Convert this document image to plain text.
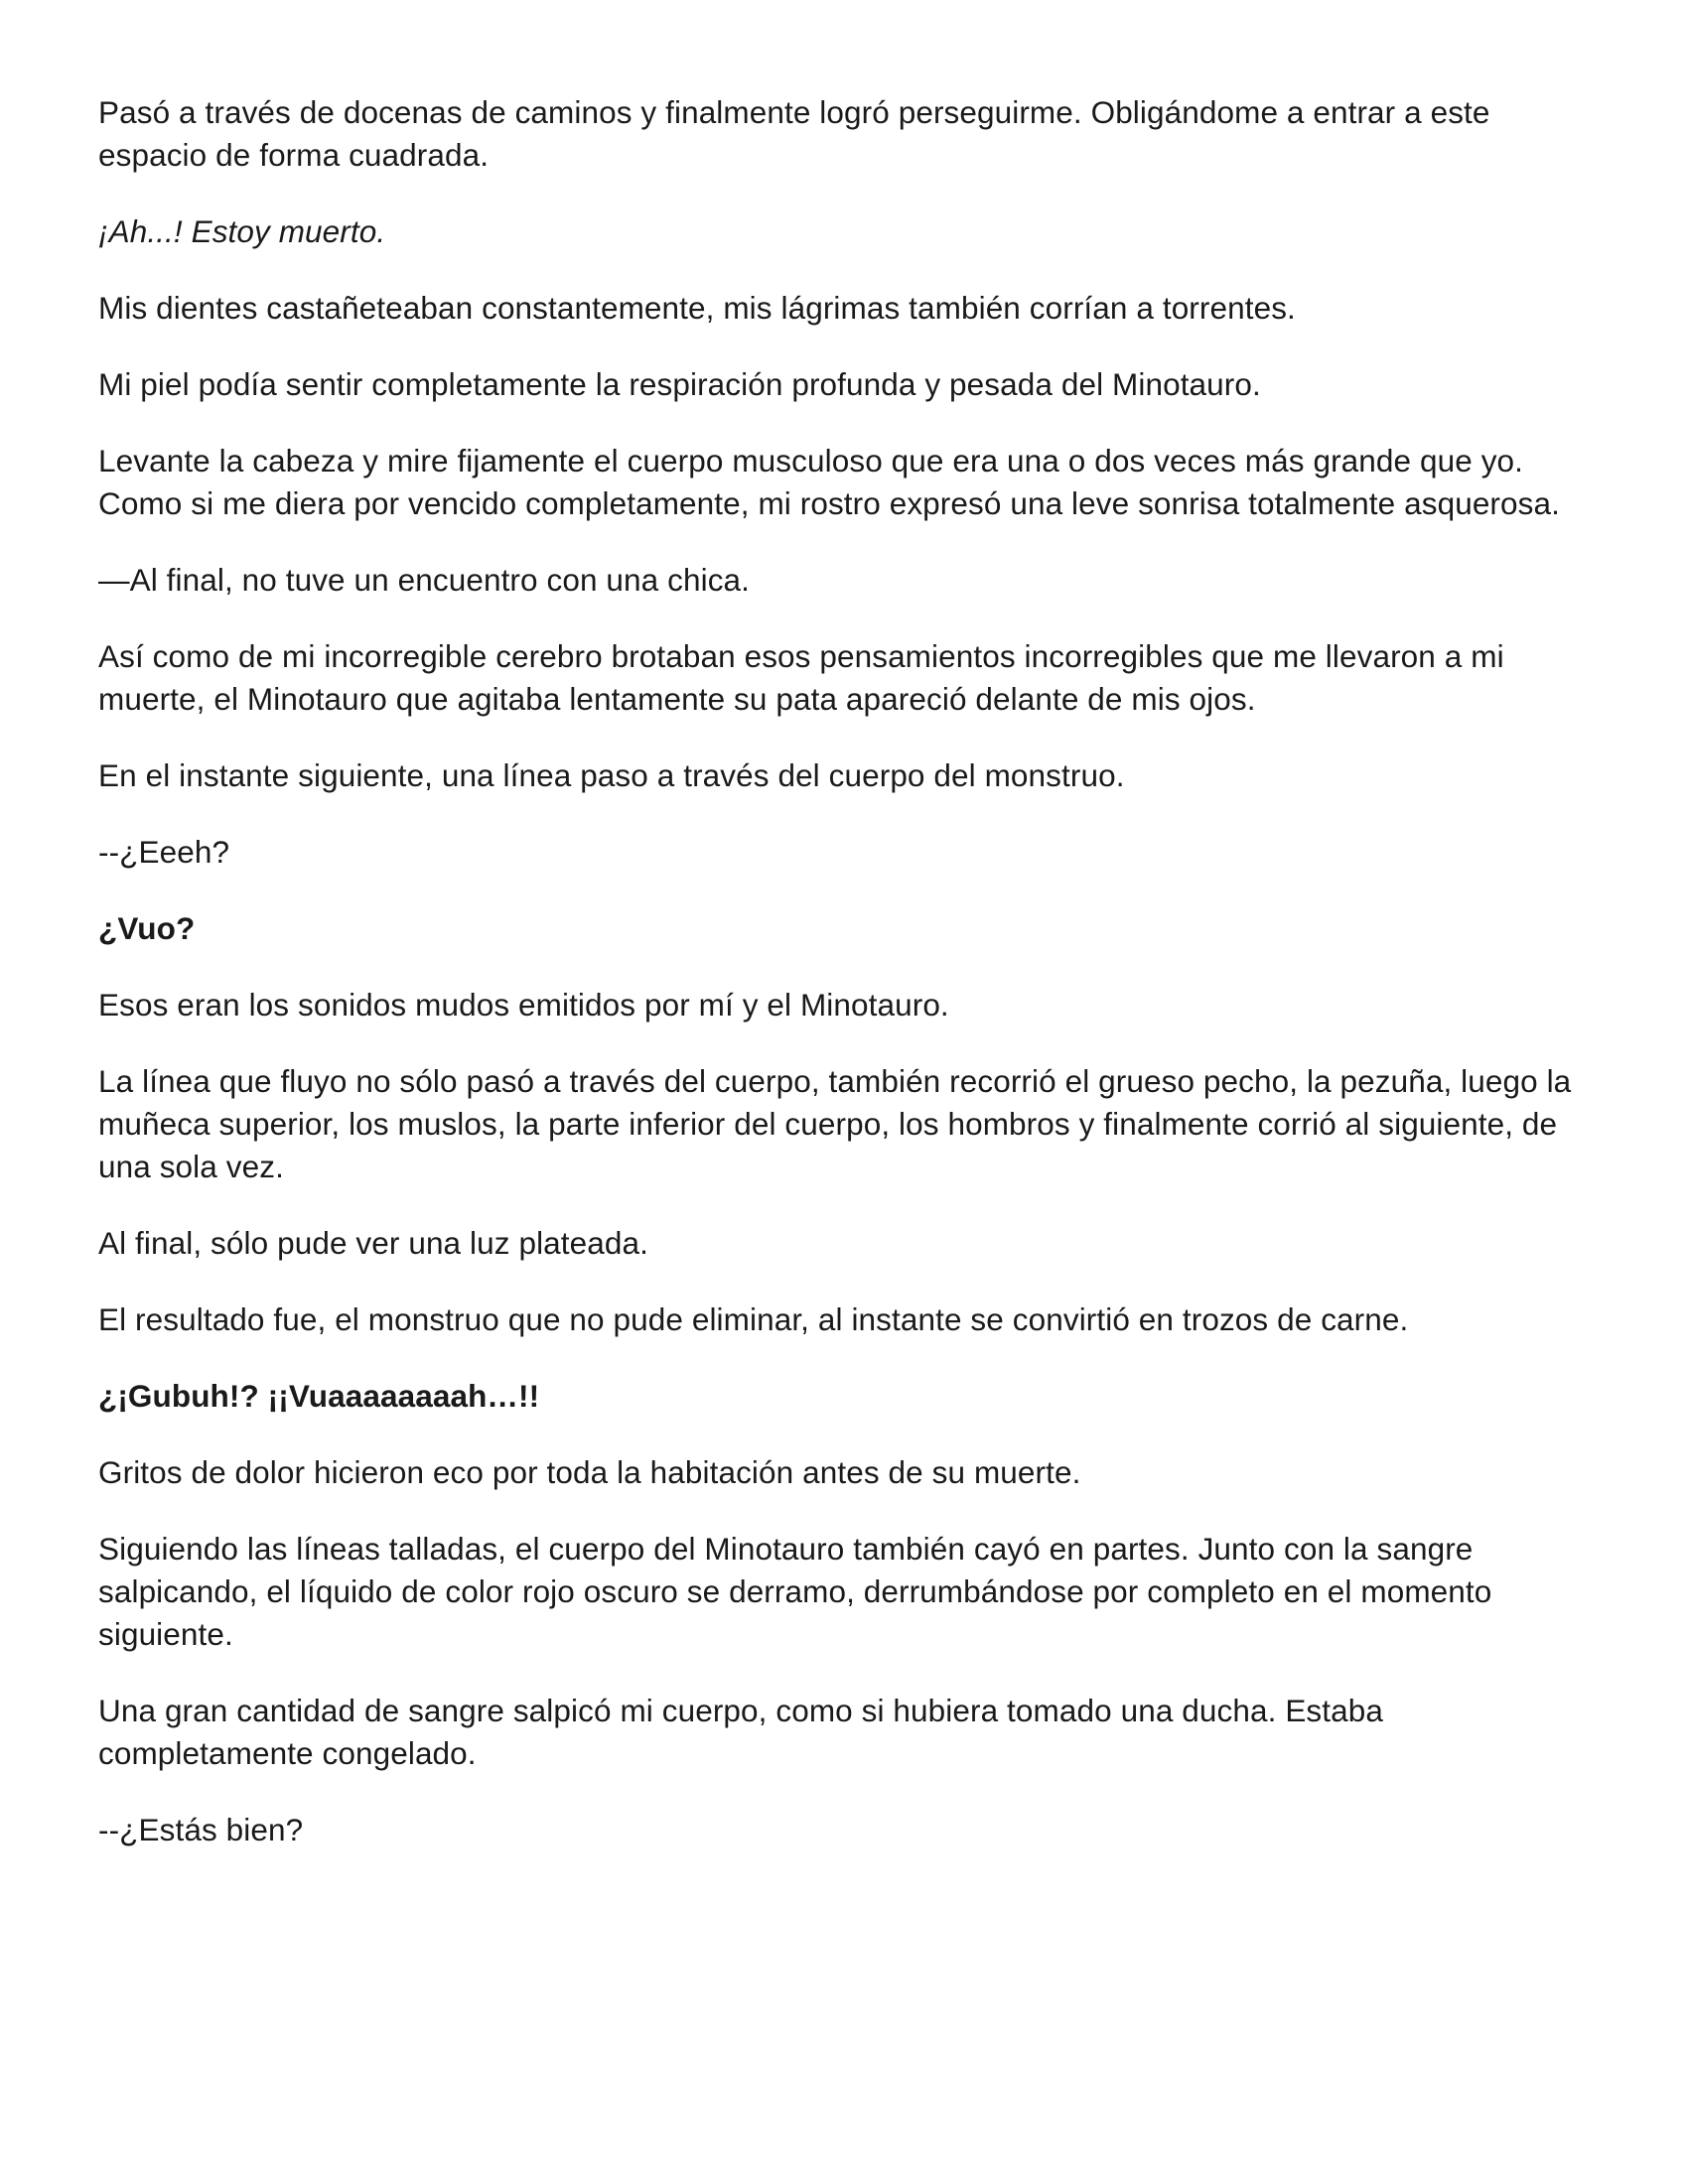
Pasó a través de docenas de caminos y finalmente logró perseguirme. Obligándome a entrar a este espacio de forma cuadrada.

¡Ah...! Estoy muerto.

Mis dientes castañeteaban constantemente, mis lágrimas también corrían a torrentes.

Mi piel podía sentir completamente la respiración profunda y pesada del Minotauro.

Levante la cabeza y mire fijamente el cuerpo musculoso que era una o dos veces más grande que yo. Como si me diera por vencido completamente, mi rostro expresó una leve sonrisa totalmente asquerosa.

—Al final, no tuve un encuentro con una chica.

Así como de mi incorregible cerebro brotaban esos pensamientos incorregibles que me llevaron a mi muerte, el Minotauro que agitaba lentamente su pata apareció delante de mis ojos.

En el instante siguiente, una línea paso a través del cuerpo del monstruo.

--¿Eeeh?

¿Vuo?

Esos eran los sonidos mudos emitidos por mí y el Minotauro.

La línea que fluyo no sólo pasó a través del cuerpo, también recorrió el grueso pecho, la pezuña, luego la muñeca superior, los muslos, la parte inferior del cuerpo, los hombros y finalmente corrió al siguiente, de una sola vez.

Al final, sólo pude ver una luz plateada.

El resultado fue, el monstruo que no pude eliminar, al instante se convirtió en trozos de carne.

¿¡Gubuh!? ¡¡Vuaaaaaaaah…!!

Gritos de dolor hicieron eco por toda la habitación antes de su muerte.

Siguiendo las líneas talladas, el cuerpo del Minotauro también cayó en partes. Junto con la sangre salpicando, el líquido de color rojo oscuro se derramo, derrumbándose por completo en el momento siguiente.

Una gran cantidad de sangre salpicó mi cuerpo, como si hubiera tomado una ducha. Estaba completamente congelado.

--¿Estás bien?
